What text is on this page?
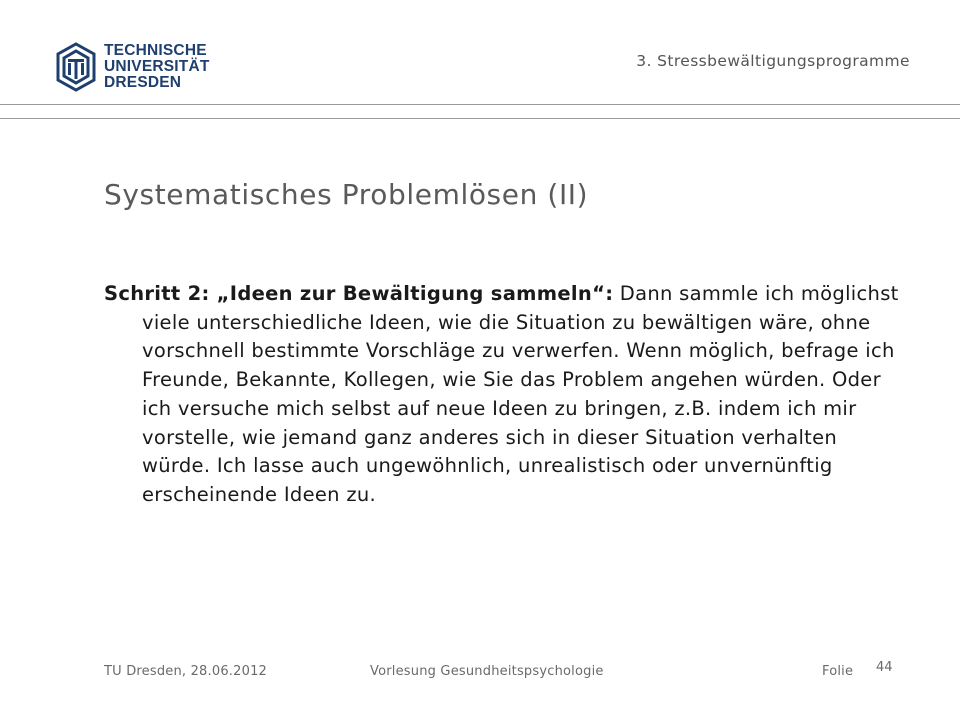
TECHNISCHE
UNIVERSITÄT
DRESDEN
3. Stressbewältigungsprogramme
Systematisches Problemlösen (II)
Schritt 2: „Ideen zur Bewältigung sammeln“: Dann sammle ich möglichst viele unterschiedliche Ideen, wie die Situation zu bewältigen wäre, ohne vorschnell bestimmte Vorschläge zu verwerfen. Wenn möglich, befrage ich Freunde, Bekannte, Kollegen, wie Sie das Problem angehen würden. Oder ich versuche mich selbst auf neue Ideen zu bringen, z.B. indem ich mir vorstelle, wie jemand ganz anderes sich in dieser Situation verhalten würde. Ich lasse auch ungewöhnlich, unrealistisch oder unvernünftig erscheinende Ideen zu.
TU Dresden, 28.06.2012	Vorlesung Gesundheitspsychologie	Folie 44
